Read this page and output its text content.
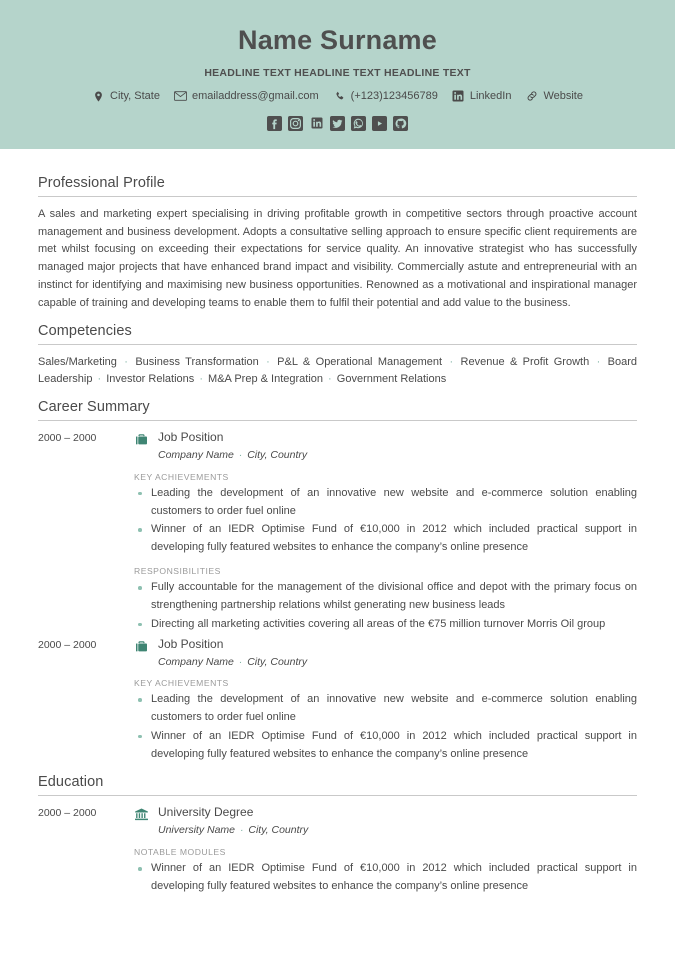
Name Surname
HEADLINE TEXT HEADLINE TEXT HEADLINE TEXT
City, State	emailaddress@gmail.com	(+123)123456789	LinkedIn	Website
Professional Profile

A sales and marketing expert specialising in driving profitable growth in competitive sectors through proactive account management and business development. Adopts a consultative selling approach to ensure specific client requirements are met whilst focusing on exceeding their expectations for service quality. An innovative strategist who has successfully managed major projects that have enhanced brand impact and visibility. Commercially astute and entrepreneurial with an instinct for identifying and maximising new business opportunities. Renowned as a motivational and inspirational manager capable of training and developing teams to enable them to fulfil their potential and add value to the business.

Competencies

Sales/Marketing · Business Transformation · P&L & Operational Management · Revenue & Profit Growth · Board Leadership · Investor Relations · M&A Prep & Integration · Government Relations

Career Summary
2000 – 2000	Job Position
Company Name · City, Country
KEY ACHIEVEMENTS
Leading the development of an innovative new website and e-commerce solution enabling customers to order fuel online
Winner of an IEDR Optimise Fund of €10,000 in 2012 which included practical support in developing fully featured websites to enhance the company’s online presence
RESPONSIBILITIES
Fully accountable for the management of the divisional office and depot with the primary focus on strengthening partnership relations whilst generating new business leads
Directing all marketing activities covering all areas of the €75 million turnover Morris Oil group
2000 – 2000	Job Position
Company Name · City, Country
KEY ACHIEVEMENTS
Leading the development of an innovative new website and e-commerce solution enabling customers to order fuel online
Winner of an IEDR Optimise Fund of €10,000 in 2012 which included practical support in developing fully featured websites to enhance the company’s online presence
Education
2000 – 2000	University Degree
University Name · City, Country
NOTABLE MODULES
Winner of an IEDR Optimise Fund of €10,000 in 2012 which included practical support in developing fully featured websites to enhance the company’s online presence
